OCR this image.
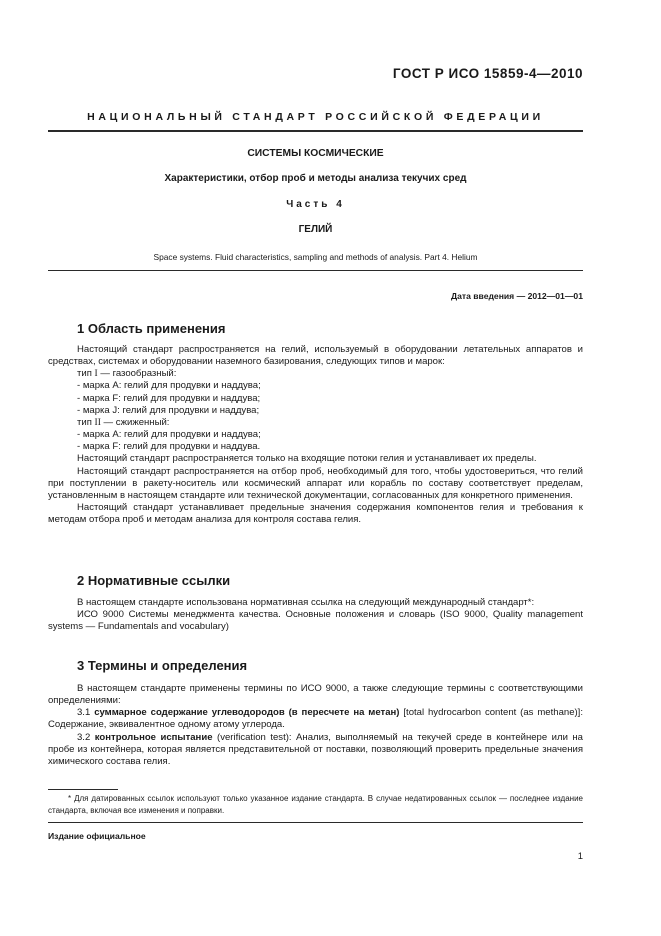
ГОСТ Р ИСО 15859-4—2010
НАЦИОНАЛЬНЫЙ СТАНДАРТ РОССИЙСКОЙ ФЕДЕРАЦИИ
СИСТЕМЫ КОСМИЧЕСКИЕ
Характеристики, отбор проб и методы анализа текучих сред
Часть 4
ГЕЛИЙ
Space systems. Fluid characteristics, sampling and methods of analysis. Part 4. Helium
Дата введения — 2012—01—01
1 Область применения

Настоящий стандарт распространяется на гелий, используемый в оборудовании летательных аппаратов и средствах, системах и оборудовании наземного базирования, следующих типов и марок:

тип I — газообразный:
- марка А: гелий для продувки и наддува;
- марка F: гелий для продувки и наддува;
- марка J: гелий для продувки и наддува;
тип II — сжиженный:
- марка А: гелий для продувки и наддува;
- марка F: гелий для продувки и наддува.

Настоящий стандарт распространяется только на входящие потоки гелия и устанавливает их пределы.

Настоящий стандарт распространяется на отбор проб, необходимый для того, чтобы удостовериться, что гелий при поступлении в ракету-носитель или космический аппарат или корабль по составу соответствует пределам, установленным в настоящем стандарте или технической документации, согласованных для конкретного применения.

Настоящий стандарт устанавливает предельные значения содержания компонентов гелия и требования к методам отбора проб и методам анализа для контроля состава гелия.

2 Нормативные ссылки

В настоящем стандарте использована нормативная ссылка на следующий международный стандарт*:

ИСО 9000 Системы менеджмента качества. Основные положения и словарь (ISO 9000, Quality management systems — Fundamentals and vocabulary)

3 Термины и определения

В настоящем стандарте применены термины по ИСО 9000, а также следующие термины с соответствующими определениями:

3.1 суммарное содержание углеводородов (в пересчете на метан) [total hydrocarbon content (as methane)]: Содержание, эквивалентное одному атому углерода.

3.2 контрольное испытание (verification test): Анализ, выполняемый на текучей среде в контейнере или на пробе из контейнера, которая является представительной от поставки, позволяющий проверить предельные значения химического состава гелия.

* Для датированных ссылок используют только указанное издание стандарта. В случае недатированных ссылок — последнее издание стандарта, включая все изменения и поправки.

Издание официальное
1
